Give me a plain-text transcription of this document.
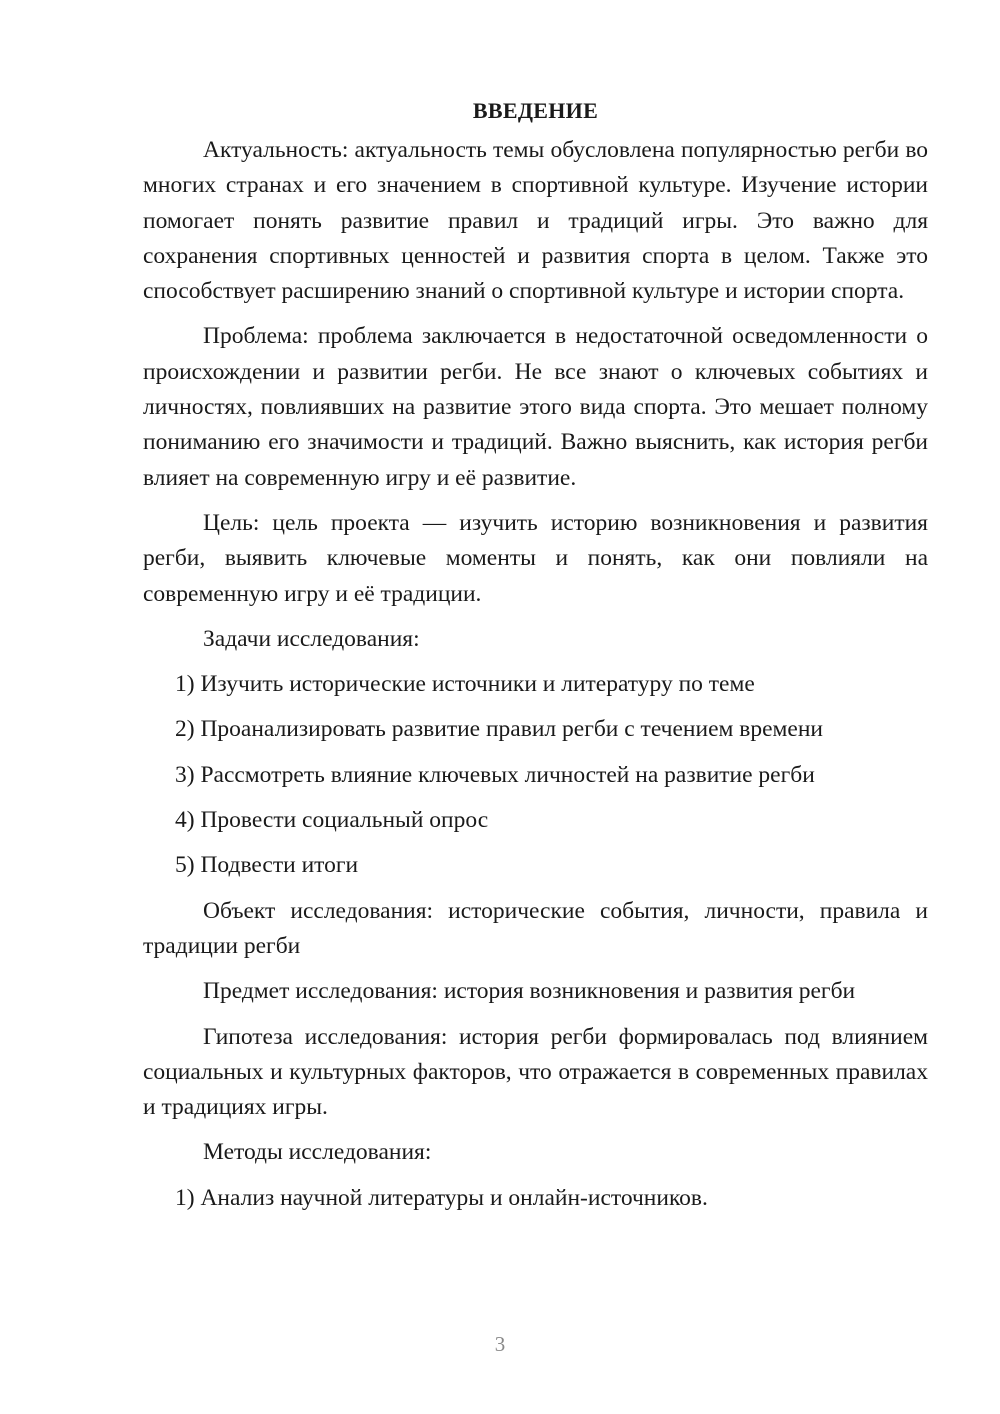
ВВЕДЕНИЕ

Актуальность: актуальность темы обусловлена популярностью регби во многих странах и его значением в спортивной культуре. Изучение истории помогает понять развитие правил и традиций игры. Это важно для сохранения спортивных ценностей и развития спорта в целом. Также это способствует расширению знаний о спортивной культуре и истории спорта.

Проблема: проблема заключается в недостаточной осведомленности о происхождении и развитии регби. Не все знают о ключевых событиях и личностях, повлиявших на развитие этого вида спорта. Это мешает полному пониманию его значимости и традиций. Важно выяснить, как история регби влияет на современную игру и её развитие.

Цель: цель проекта — изучить историю возникновения и развития регби, выявить ключевые моменты и понять, как они повлияли на современную игру и её традиции.

Задачи исследования:

1) Изучить исторические источники и литературу по теме

2) Проанализировать развитие правил регби с течением времени

3) Рассмотреть влияние ключевых личностей на развитие регби

4) Провести социальный опрос

5) Подвести итоги

Объект исследования: исторические события, личности, правила и традиции регби

Предмет исследования: история возникновения и развития регби

Гипотеза исследования: история регби формировалась под влиянием социальных и культурных факторов, что отражается в современных правилах и традициях игры.

Методы исследования:

1) Анализ научной литературы и онлайн-источников.

3
